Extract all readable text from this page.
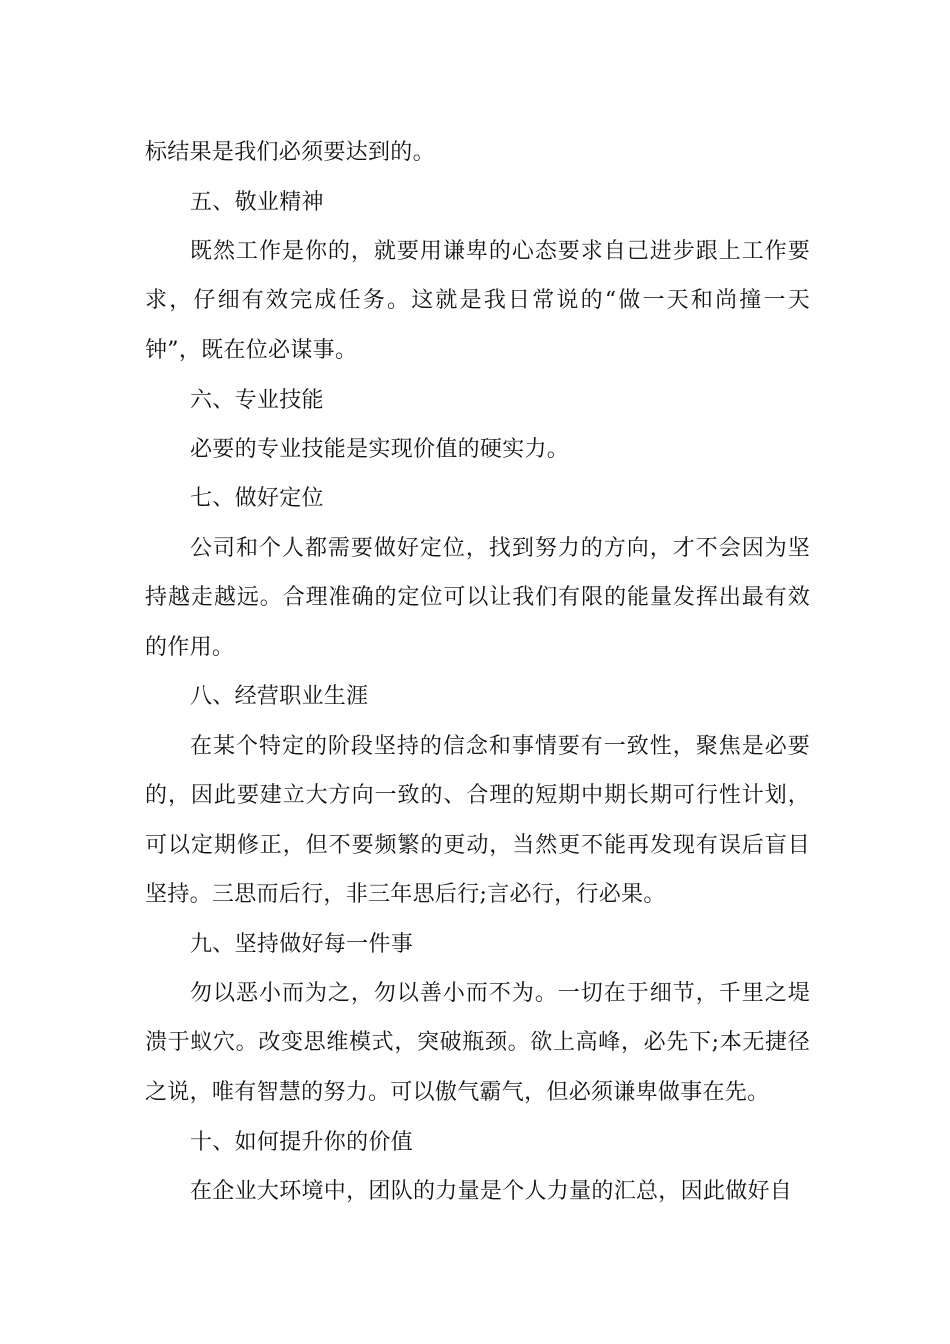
标结果是我们必须要达到的。

五、敬业精神

既然工作是你的，就要用谦卑的心态要求自己进步跟上工作要求，仔细有效完成任务。这就是我日常说的“做一天和尚撞一天钟”，既在位必谋事。

六、专业技能

必要的专业技能是实现价值的硬实力。

七、做好定位

公司和个人都需要做好定位，找到努力的方向，才不会因为坚持越走越远。合理准确的定位可以让我们有限的能量发挥出最有效的作用。

八、经营职业生涯

在某个特定的阶段坚持的信念和事情要有一致性，聚焦是必要的，因此要建立大方向一致的、合理的短期中期长期可行性计划，可以定期修正，但不要频繁的更动，当然更不能再发现有误后盲目坚持。三思而后行，非三年思后行;言必行，行必果。

九、坚持做好每一件事

勿以恶小而为之，勿以善小而不为。一切在于细节，千里之堤溃于蚁穴。改变思维模式，突破瓶颈。欲上高峰，必先下;本无捷径之说，唯有智慧的努力。可以傲气霸气，但必须谦卑做事在先。

十、如何提升你的价值

在企业大环境中，团队的力量是个人力量的汇总，因此做好自
